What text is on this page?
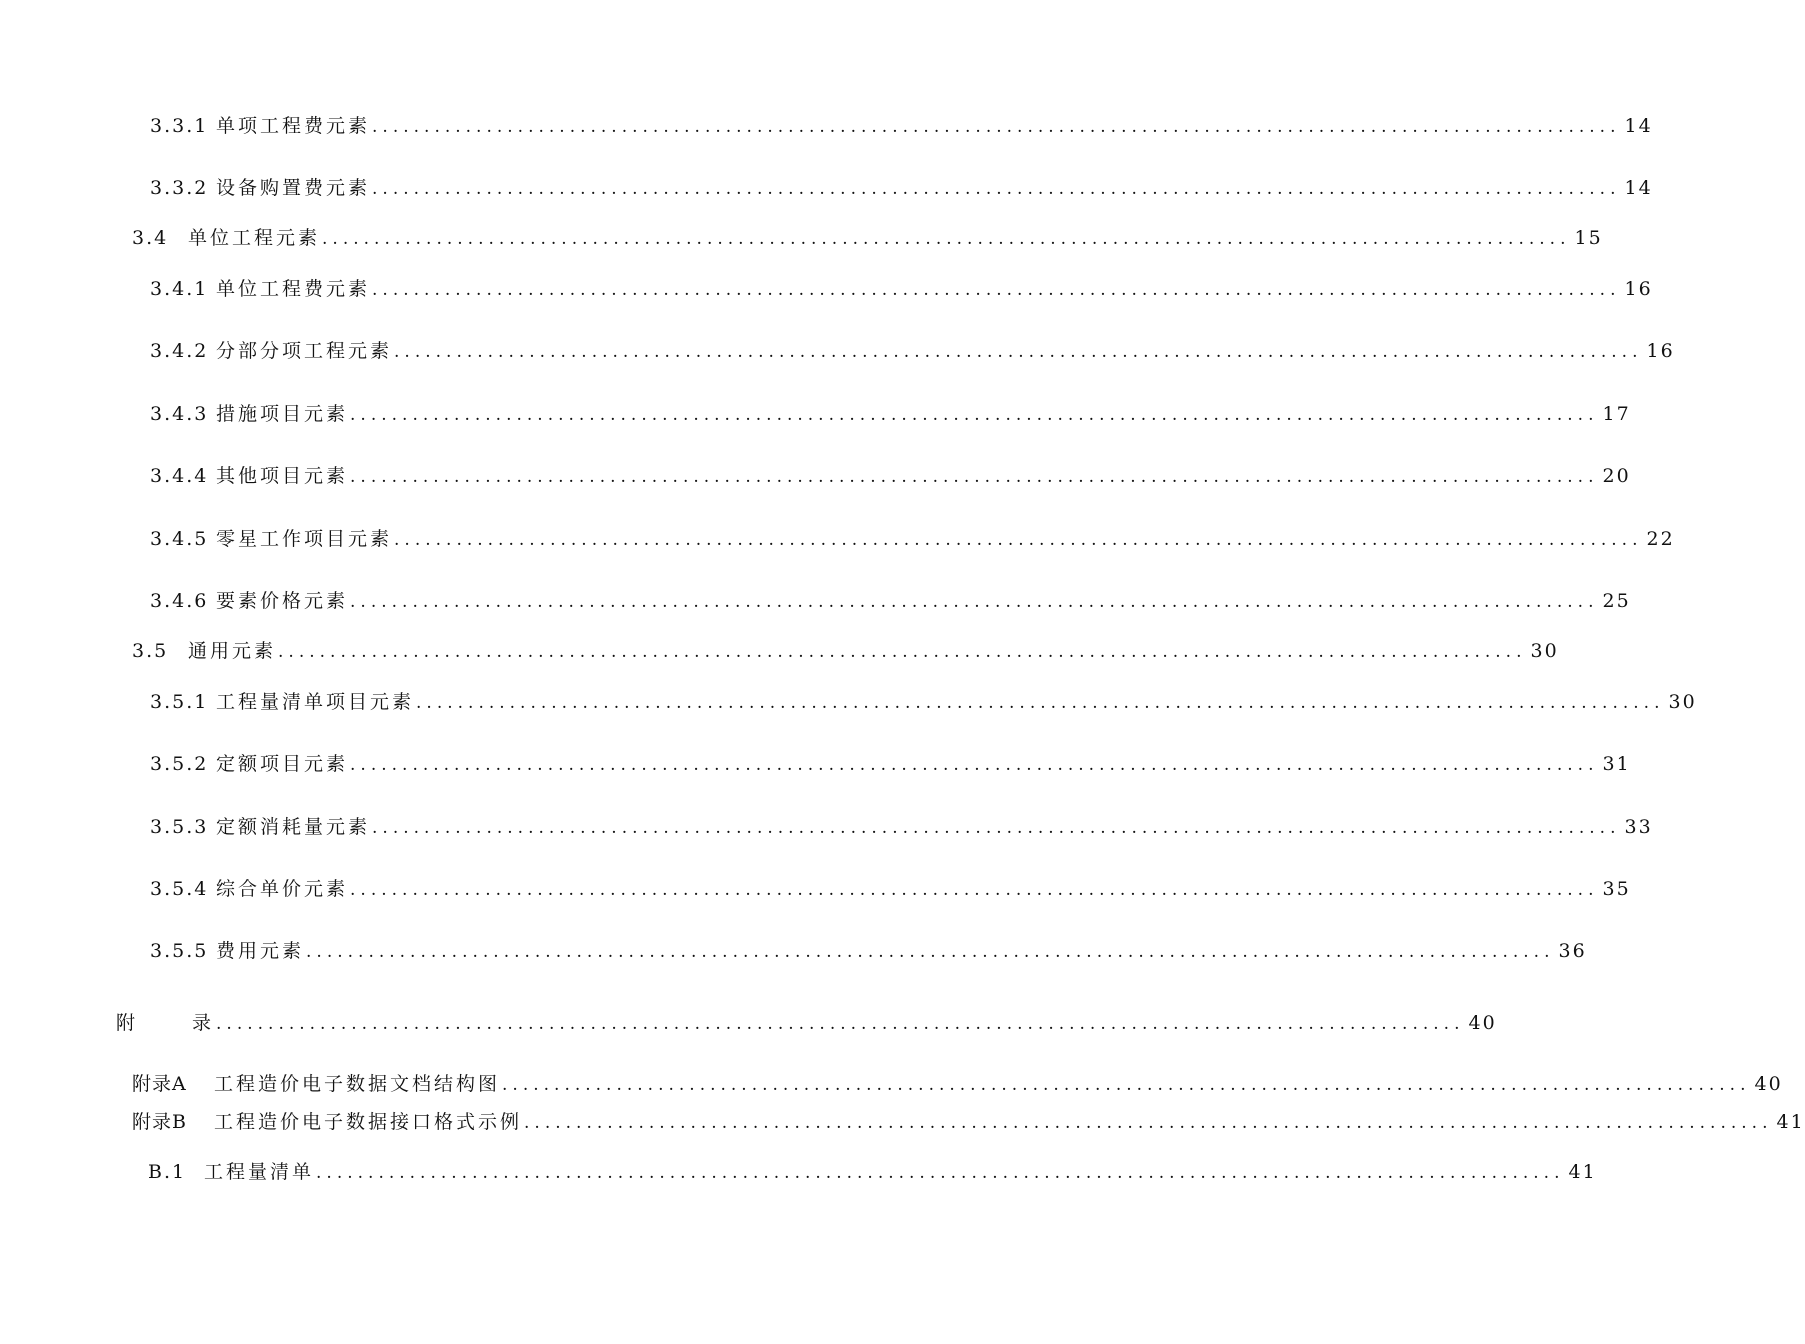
3.3.1 单项工程费元素 ........................................................................................................................ 14
3.3.2 设备购置费元素 ........................................................................................................................ 14
3.4	单位工程元素 ........................................................................................................................ 15
3.4.1 单位工程费元素 ........................................................................................................................ 16
3.4.2 分部分项工程元素 ........................................................................................................................ 16
3.4.3 措施项目元素 ........................................................................................................................ 17
3.4.4 其他项目元素 ........................................................................................................................ 20
3.4.5 零星工作项目元素 ........................................................................................................................ 22
3.4.6 要素价格元素 ........................................................................................................................ 25
3.5	通用元素 ........................................................................................................................ 30
3.5.1 工程量清单项目元素 ........................................................................................................................ 30
3.5.2 定额项目元素 ........................................................................................................................ 31
3.5.3 定额消耗量元素 ........................................................................................................................ 33
3.5.4 综合单价元素 ........................................................................................................................ 35
3.5.5 费用元素 ........................................................................................................................ 36
附	录 ........................................................................................................................ 40
附录A	工程造价电子数据文档结构图 ........................................................................................................................ 40
附录B	工程造价电子数据接口格式示例 ........................................................................................................................ 41
B.1 工程量清单 ........................................................................................................................ 41
